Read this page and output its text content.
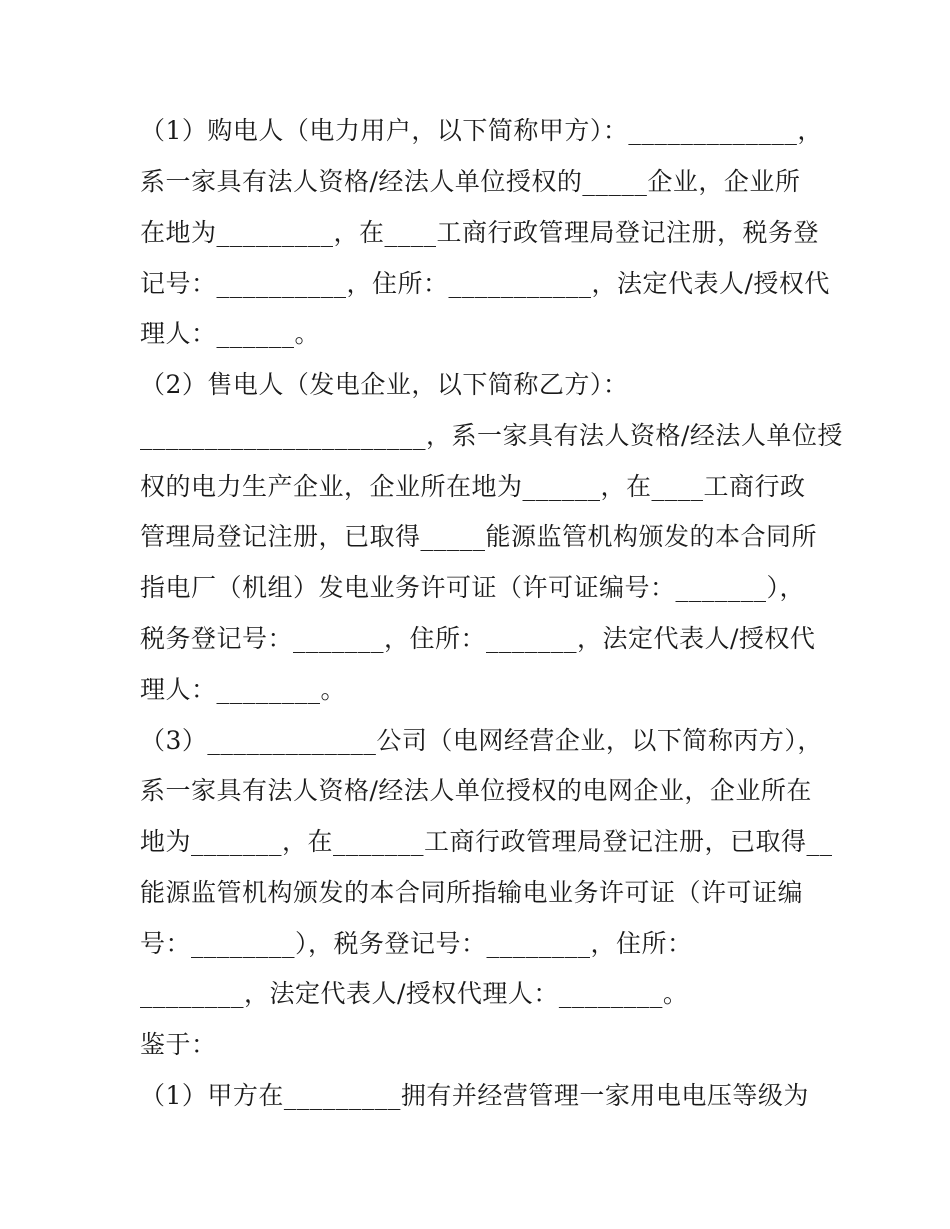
（1）购电人（电力用户，以下简称甲方）：_____________，
系一家具有法人资格/经法人单位授权的_____企业，企业所
在地为_________，在____工商行政管理局登记注册，税务登
记号：__________，住所：___________，法定代表人/授权代
理人：______。
（2）售电人（发电企业，以下简称乙方）：
______________________，系一家具有法人资格/经法人单位授
权的电力生产企业，企业所在地为______，在____工商行政
管理局登记注册，已取得_____能源监管机构颁发的本合同所
指电厂（机组）发电业务许可证（许可证编号：_______），
税务登记号：_______，住所：_______，法定代表人/授权代
理人：________。
（3）_____________公司（电网经营企业，以下简称丙方），
系一家具有法人资格/经法人单位授权的电网企业，企业所在
地为_______，在_______工商行政管理局登记注册，已取得__
能源监管机构颁发的本合同所指输电业务许可证（许可证编
号：________），税务登记号：________，住所：
________，法定代表人/授权代理人：________。
鉴于：
（1）甲方在_________拥有并经营管理一家用电电压等级为
